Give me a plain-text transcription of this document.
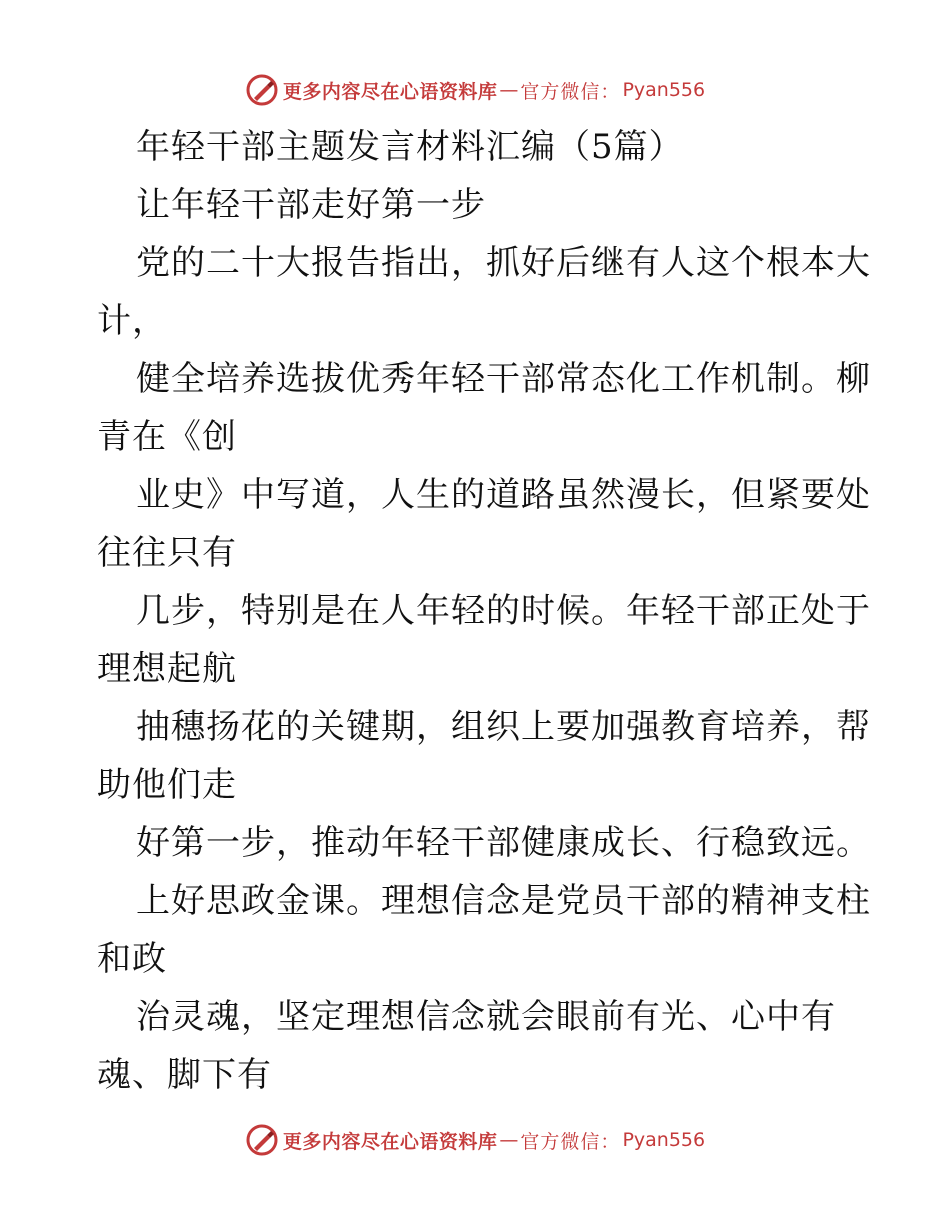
更多内容尽在心语资料库 — 官方微信： Pyan556
年轻干部主题发言材料汇编（5篇）
让年轻干部走好第一步
党的二十大报告指出，抓好后继有人这个根本大
计，
健全培养选拔优秀年轻干部常态化工作机制。柳
青在《创
业史》中写道，人生的道路虽然漫长，但紧要处
往往只有
几步，特别是在人年轻的时候。年轻干部正处于
理想起航
抽穗扬花的关键期，组织上要加强教育培养，帮
助他们走
好第一步，推动年轻干部健康成长、行稳致远。
上好思政金课。理想信念是党员干部的精神支柱
和政
治灵魂，坚定理想信念就会眼前有光、心中有
魂、脚下有
更多内容尽在心语资料库 — 官方微信： Pyan556
